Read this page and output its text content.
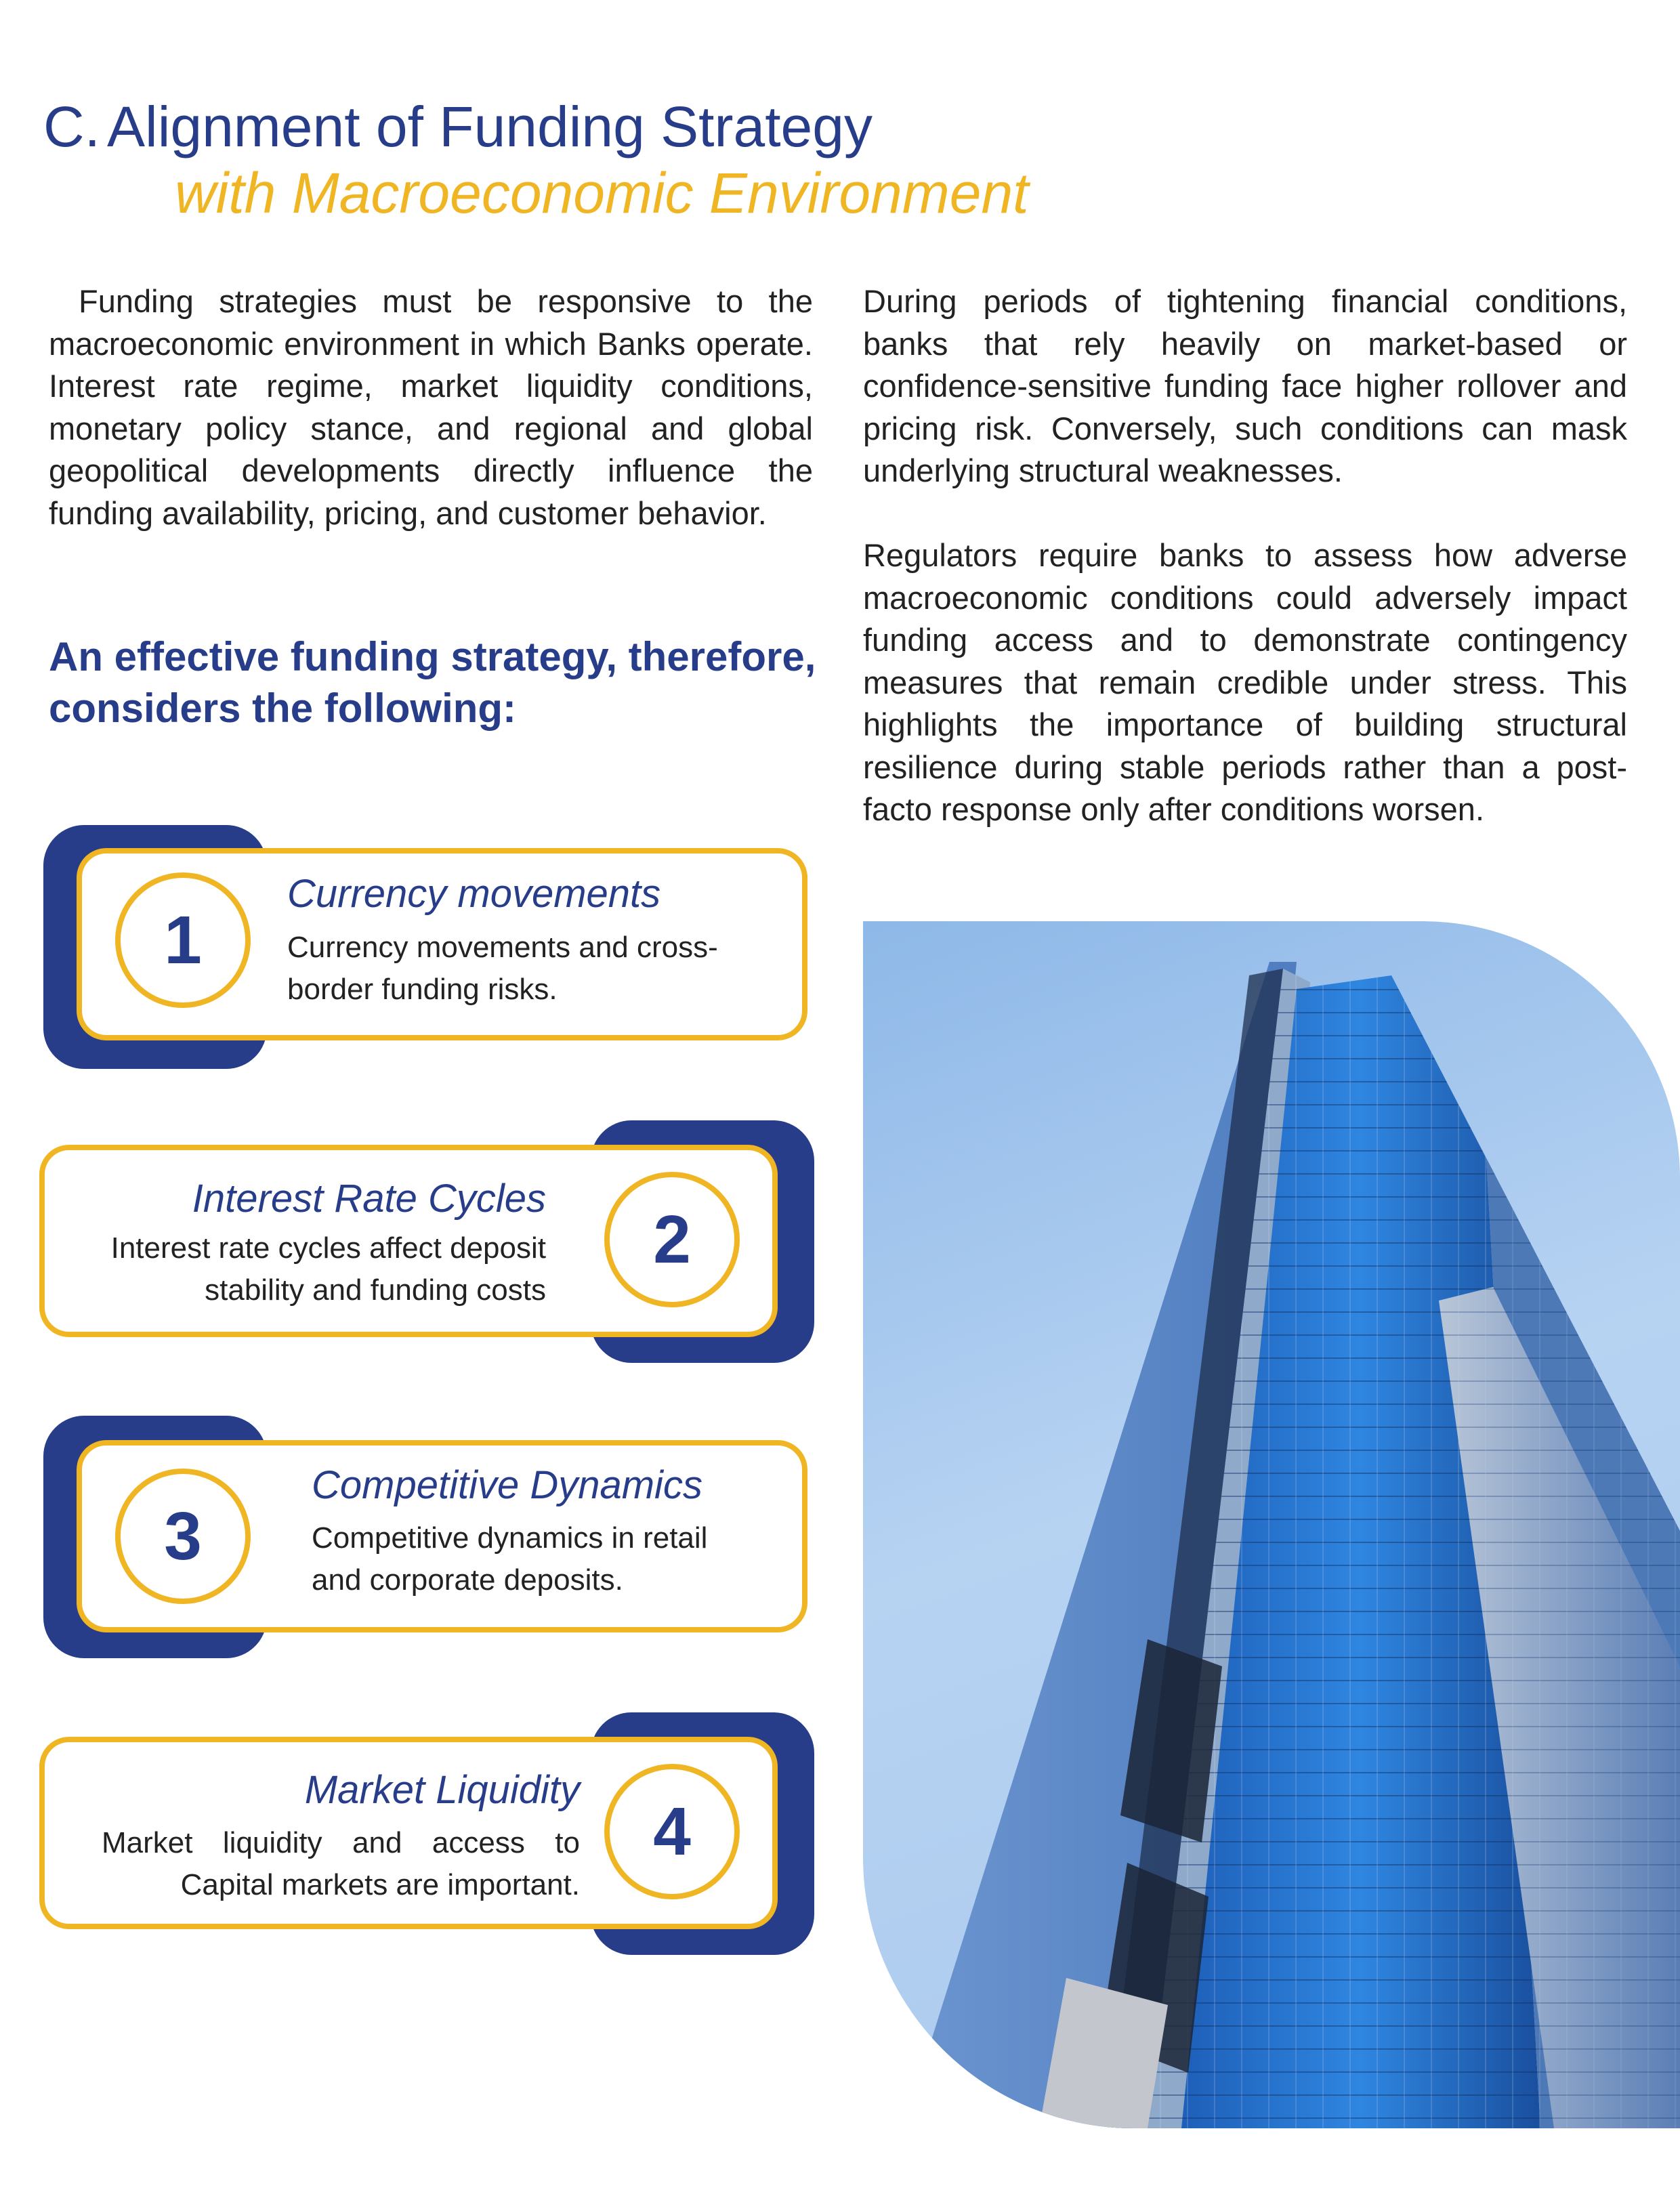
C. Alignment of Funding Strategy
with Macroeconomic Environment

Funding strategies must be responsive to the macroeconomic environment in which Banks operate. Interest rate regime, market liquidity conditions, monetary policy stance, and regional and global geopolitical developments directly influence the funding availability, pricing, and customer behavior.

An effective funding strategy, therefore, considers the following:
1
Currency movements

Currency movements and cross-border funding risks.

2
Interest Rate Cycles

Interest rate cycles affect deposit stability and funding costs

3
Competitive Dynamics

Competitive dynamics in retail and corporate deposits.

4
Market Liquidity

Market liquidity and access to Capital markets are important.

During periods of tightening financial conditions, banks that rely heavily on market-based or confidence-sensitive funding face higher rollover and pricing risk. Conversely, such conditions can mask underlying structural weaknesses.

Regulators require banks to assess how adverse macroeconomic conditions could adversely impact funding access and to demonstrate contingency measures that remain credible under stress. This highlights the importance of building structural resilience during stable periods rather than a post-facto response only after conditions worsen.
